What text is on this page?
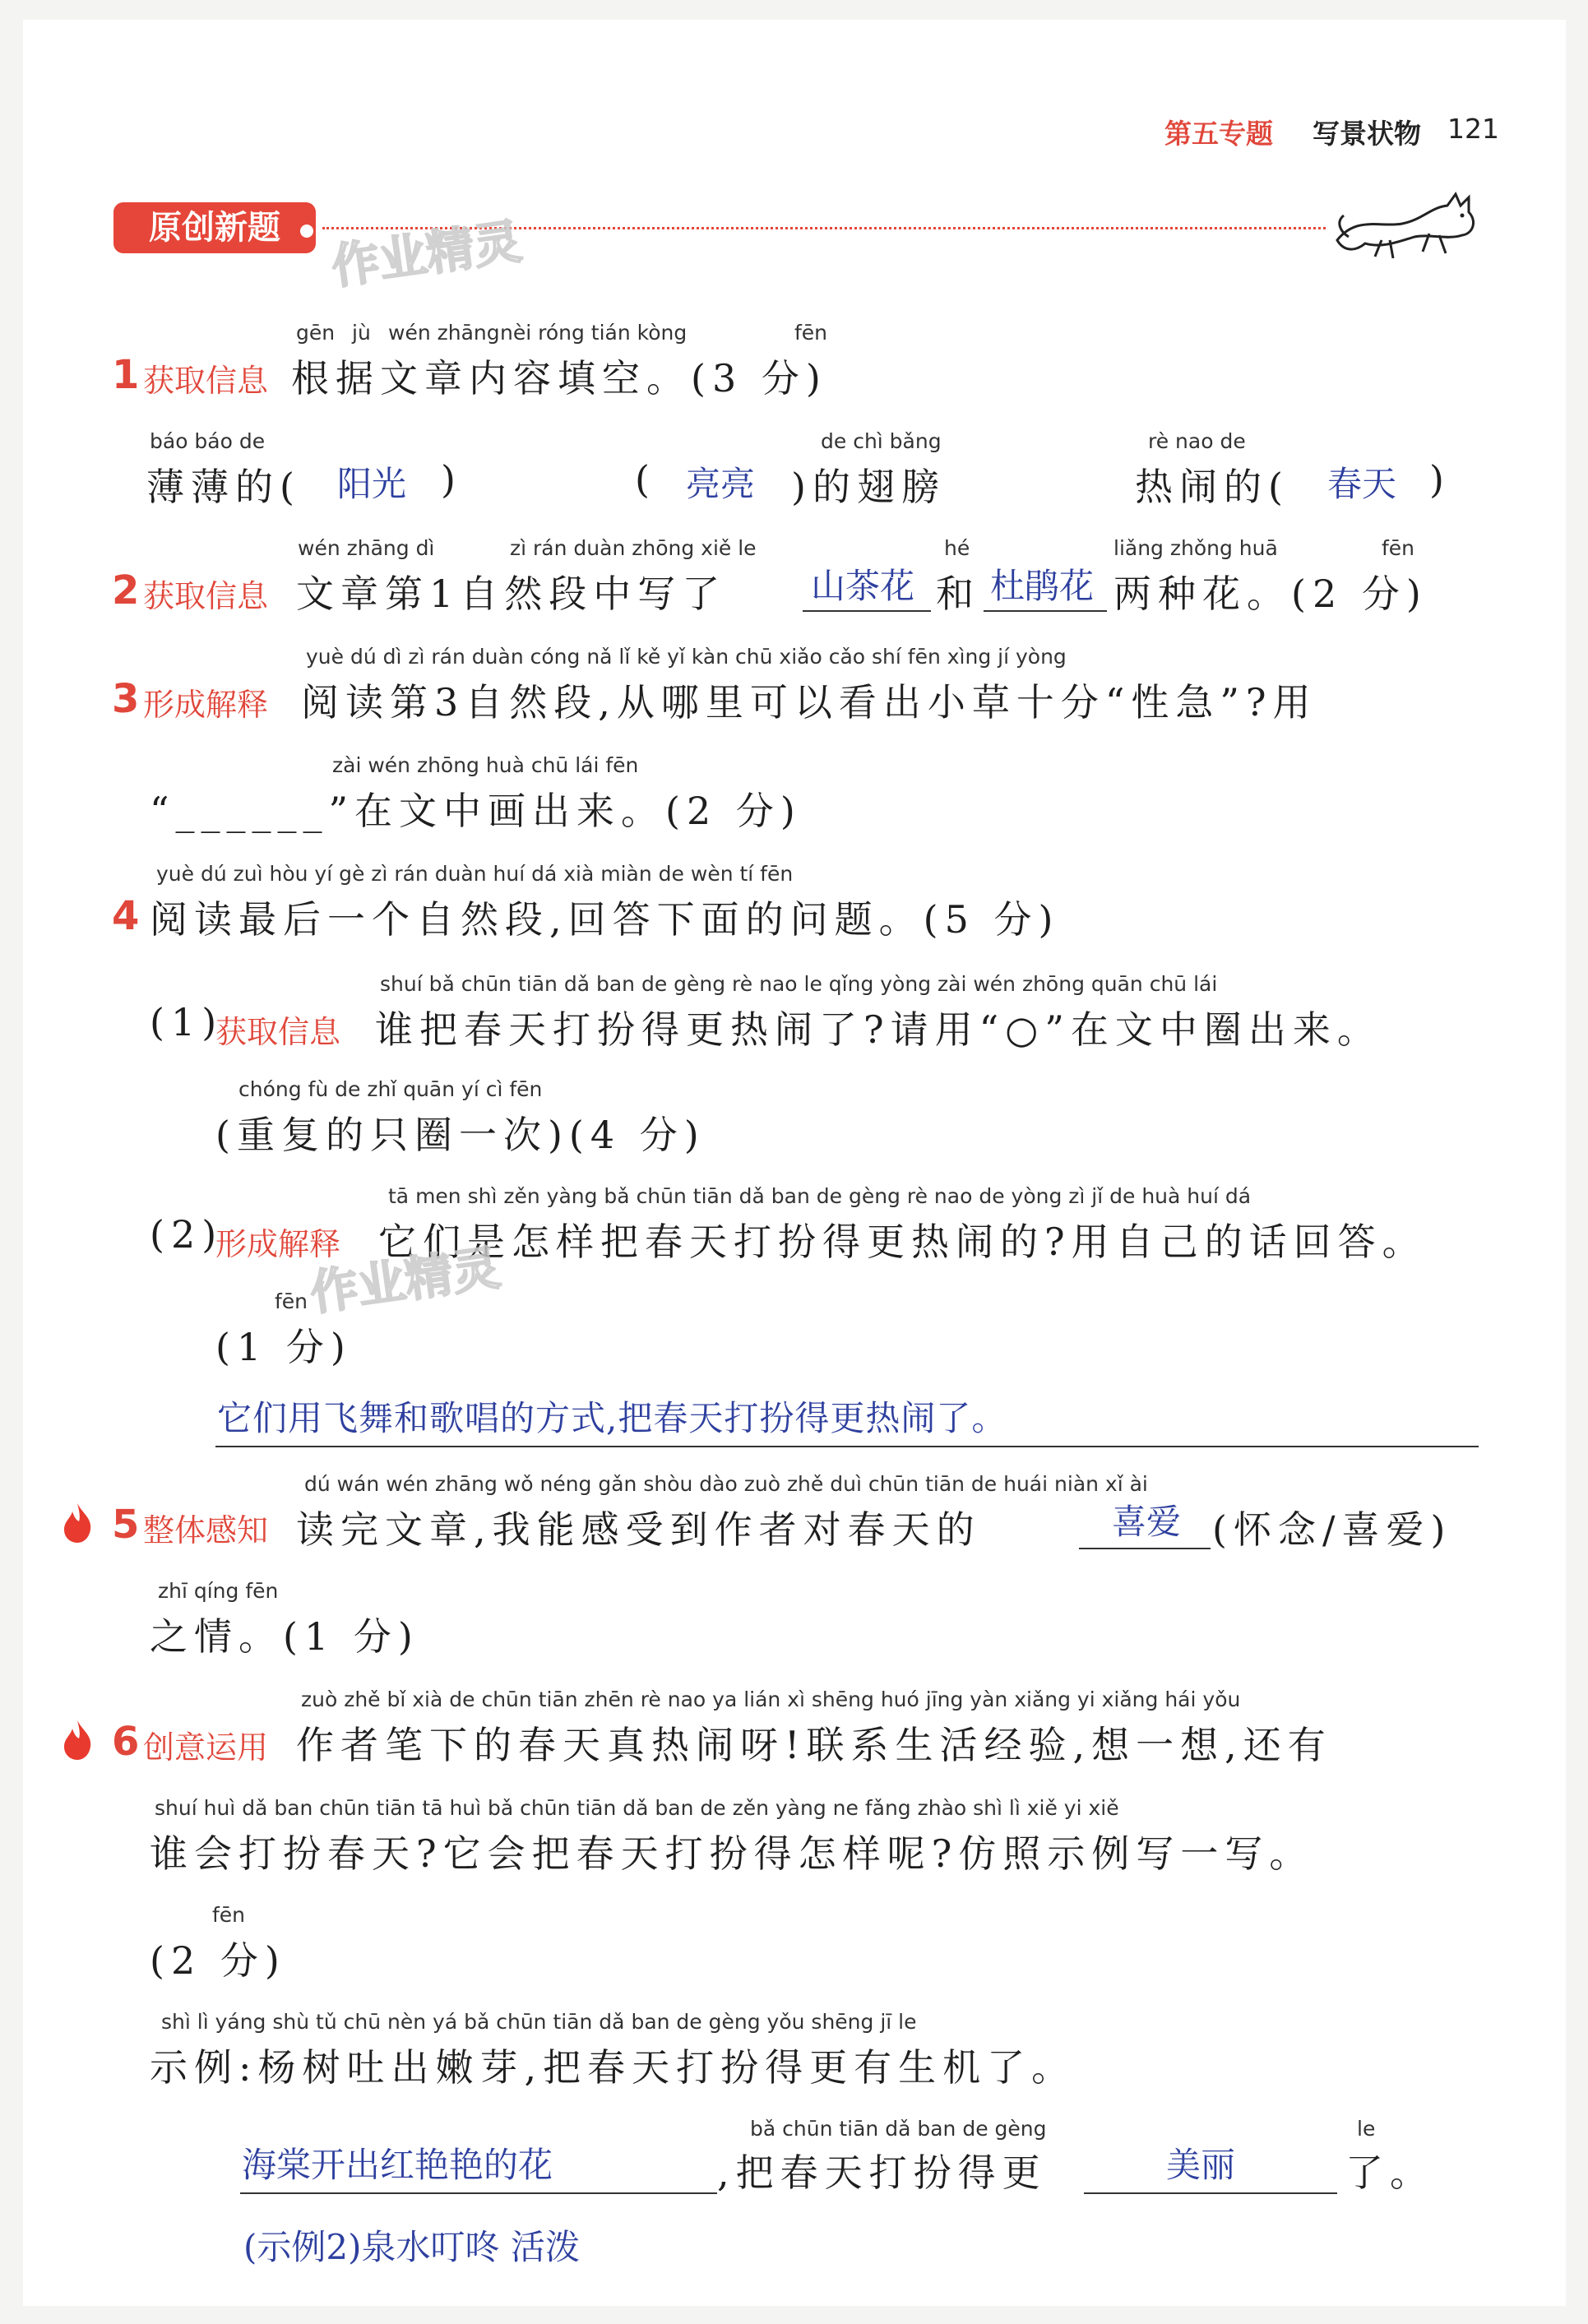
第五专题 写景状物 121
原创新题	作业精灵
1 获取信息
gēn jù wén zhāng nèi róng tián kòng	fēn
根据文章内容填空。(3 分)
báo báo de
薄薄的( 阳光 )	( 亮亮
de chì bǎng
)的翅膀
rè nao de
热闹的( 春天 )
2 获取信息
wén zhāng dì	zì rán duàn zhōng xiě le	hé	liǎng zhǒng huā	fēn
文章第1自然段中写了 山茶花 和 杜鹃花 两种花。(2 分)
3 形成解释
yuè dú dì zì rán duàn cóng nǎ lǐ kě yǐ kàn chū xiǎo cǎo shí fēn xìng jí yòng
阅读第3自然段,从哪里可以看出小草十分“性急”?用
zài wén zhōng huà chū lái fēn
“______”在文中画出来。(2 分)
4
yuè dú zuì hòu yí gè zì rán duàn huí dá xià miàn de wèn tí fēn
阅读最后一个自然段,回答下面的问题。(5 分)
(1)
获取信息
shuí bǎ chūn tiān dǎ ban de gèng rè nao le qǐng yòng zài wén zhōng quān chū lái
谁把春天打扮得更热闹了?请用“○”在文中圈出来。
chóng fù de zhǐ quān yí cì fēn
(重复的只圈一次)(4 分)
(2)
形成解释
tā men shì zěn yàng bǎ chūn tiān dǎ ban de gèng rè nao de yòng zì jǐ de huà huí dá
它们是怎样把春天打扮得更热闹的?用自己的话回答。
作业精灵
fēn
(1 分)
它们用飞舞和歌唱的方式,把春天打扮得更热闹了。
5 整体感知
dú wán wén zhāng wǒ néng gǎn shòu dào zuò zhě duì chūn tiān de huái niàn xǐ ài
读完文章,我能感受到作者对春天的	喜爱 (怀念/喜爱)
zhī qíng fēn
之情。(1 分)
6 创意运用
zuò zhě bǐ xià de chūn tiān zhēn rè nao ya lián xì shēng huó jīng yàn xiǎng yi xiǎng hái yǒu
作者笔下的春天真热闹呀!联系生活经验,想一想,还有
shuí huì dǎ ban chūn tiān tā huì bǎ chūn tiān dǎ ban de zěn yàng ne fǎng zhào shì lì xiě yi xiě
谁会打扮春天?它会把春天打扮得怎样呢?仿照示例写一写。
fēn
(2 分)
shì lì yáng shù tǔ chū nèn yá bǎ chūn tiān dǎ ban de gèng yǒu shēng jī le
示例:杨树吐出嫩芽,把春天打扮得更有生机了。
bǎ chūn tiān dǎ ban de gèng	le
海棠开出红艳艳的花	,把春天打扮得更	美丽	了。
(示例2)泉水叮咚 活泼
